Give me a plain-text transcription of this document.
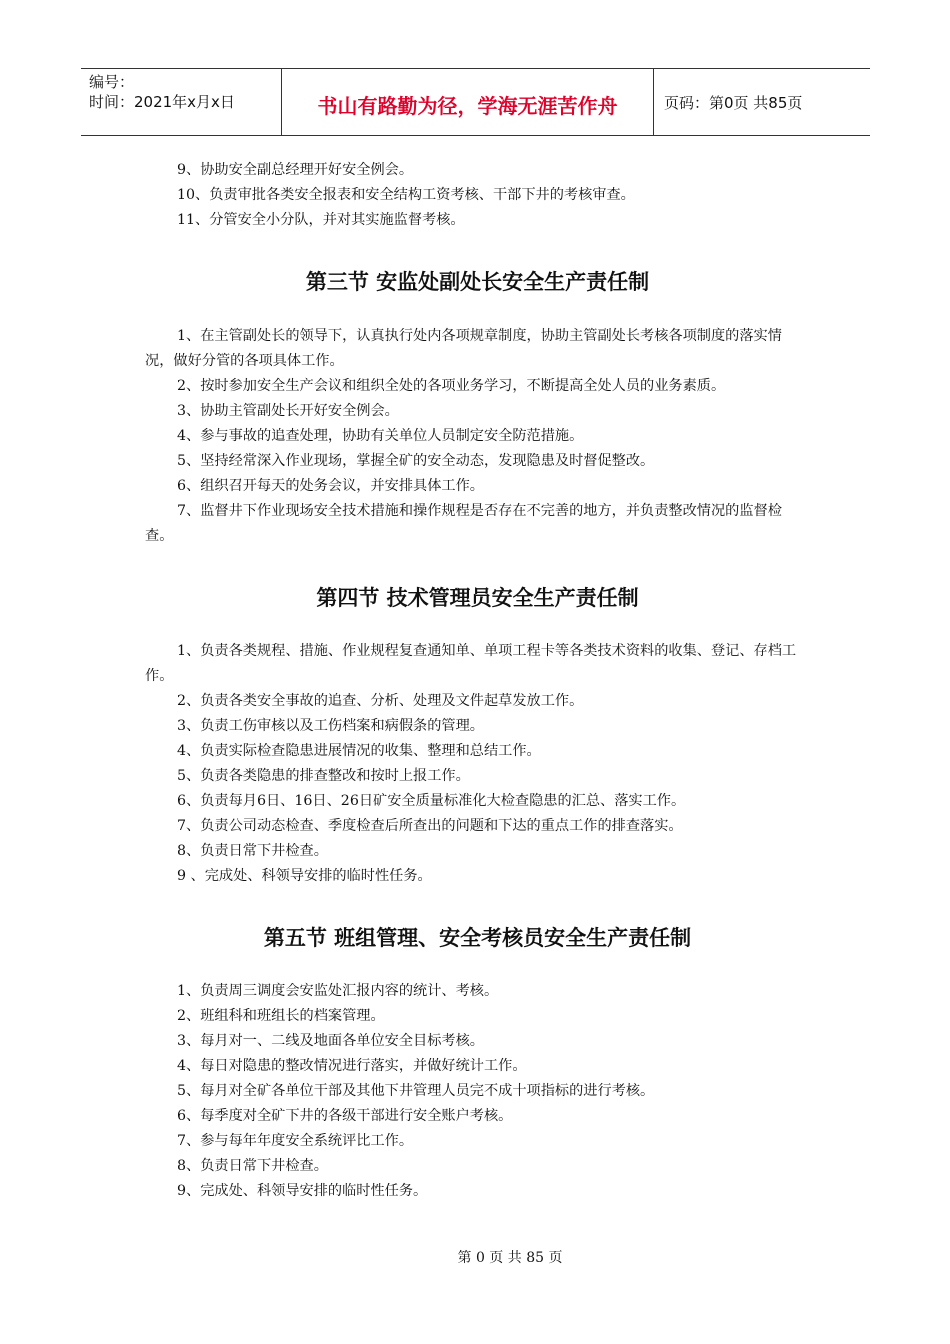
编号：
时间：2021年x月x日	书山有路勤为径，学海无涯苦作舟	页码：第0页 共85页

9、协助安全副总经理开好安全例会。

10、负责审批各类安全报表和安全结构工资考核、干部下井的考核审查。

11、分管安全小分队，并对其实施监督考核。

第三节 安监处副处长安全生产责任制

1、在主管副处长的领导下，认真执行处内各项规章制度，协助主管副处长考核各项制度的落实情况，做好分管的各项具体工作。

2、按时参加安全生产会议和组织全处的各项业务学习，不断提高全处人员的业务素质。

3、协助主管副处长开好安全例会。

4、参与事故的追查处理，协助有关单位人员制定安全防范措施。

5、坚持经常深入作业现场，掌握全矿的安全动态，发现隐患及时督促整改。

6、组织召开每天的处务会议，并安排具体工作。

7、监督井下作业现场安全技术措施和操作规程是否存在不完善的地方，并负责整改情况的监督检查。

第四节 技术管理员安全生产责任制

1、负责各类规程、措施、作业规程复查通知单、单项工程卡等各类技术资料的收集、登记、存档工作。

2、负责各类安全事故的追查、分析、处理及文件起草发放工作。

3、负责工伤审核以及工伤档案和病假条的管理。

4、负责实际检查隐患进展情况的收集、整理和总结工作。

5、负责各类隐患的排查整改和按时上报工作。

6、负责每月6日、16日、26日矿安全质量标准化大检查隐患的汇总、落实工作。

7、负责公司动态检查、季度检查后所查出的问题和下达的重点工作的排查落实。

8、负责日常下井检查。

9 、完成处、科领导安排的临时性任务。

第五节 班组管理、安全考核员安全生产责任制

1、负责周三调度会安监处汇报内容的统计、考核。

2、班组科和班组长的档案管理。

3、每月对一、二线及地面各单位安全目标考核。

4、每日对隐患的整改情况进行落实，并做好统计工作。

5、每月对全矿各单位干部及其他下井管理人员完不成十项指标的进行考核。

6、每季度对全矿下井的各级干部进行安全账户考核。

7、参与每年年度安全系统评比工作。

8、负责日常下井检查。

9、完成处、科领导安排的临时性任务。

第 0 页 共 85 页
